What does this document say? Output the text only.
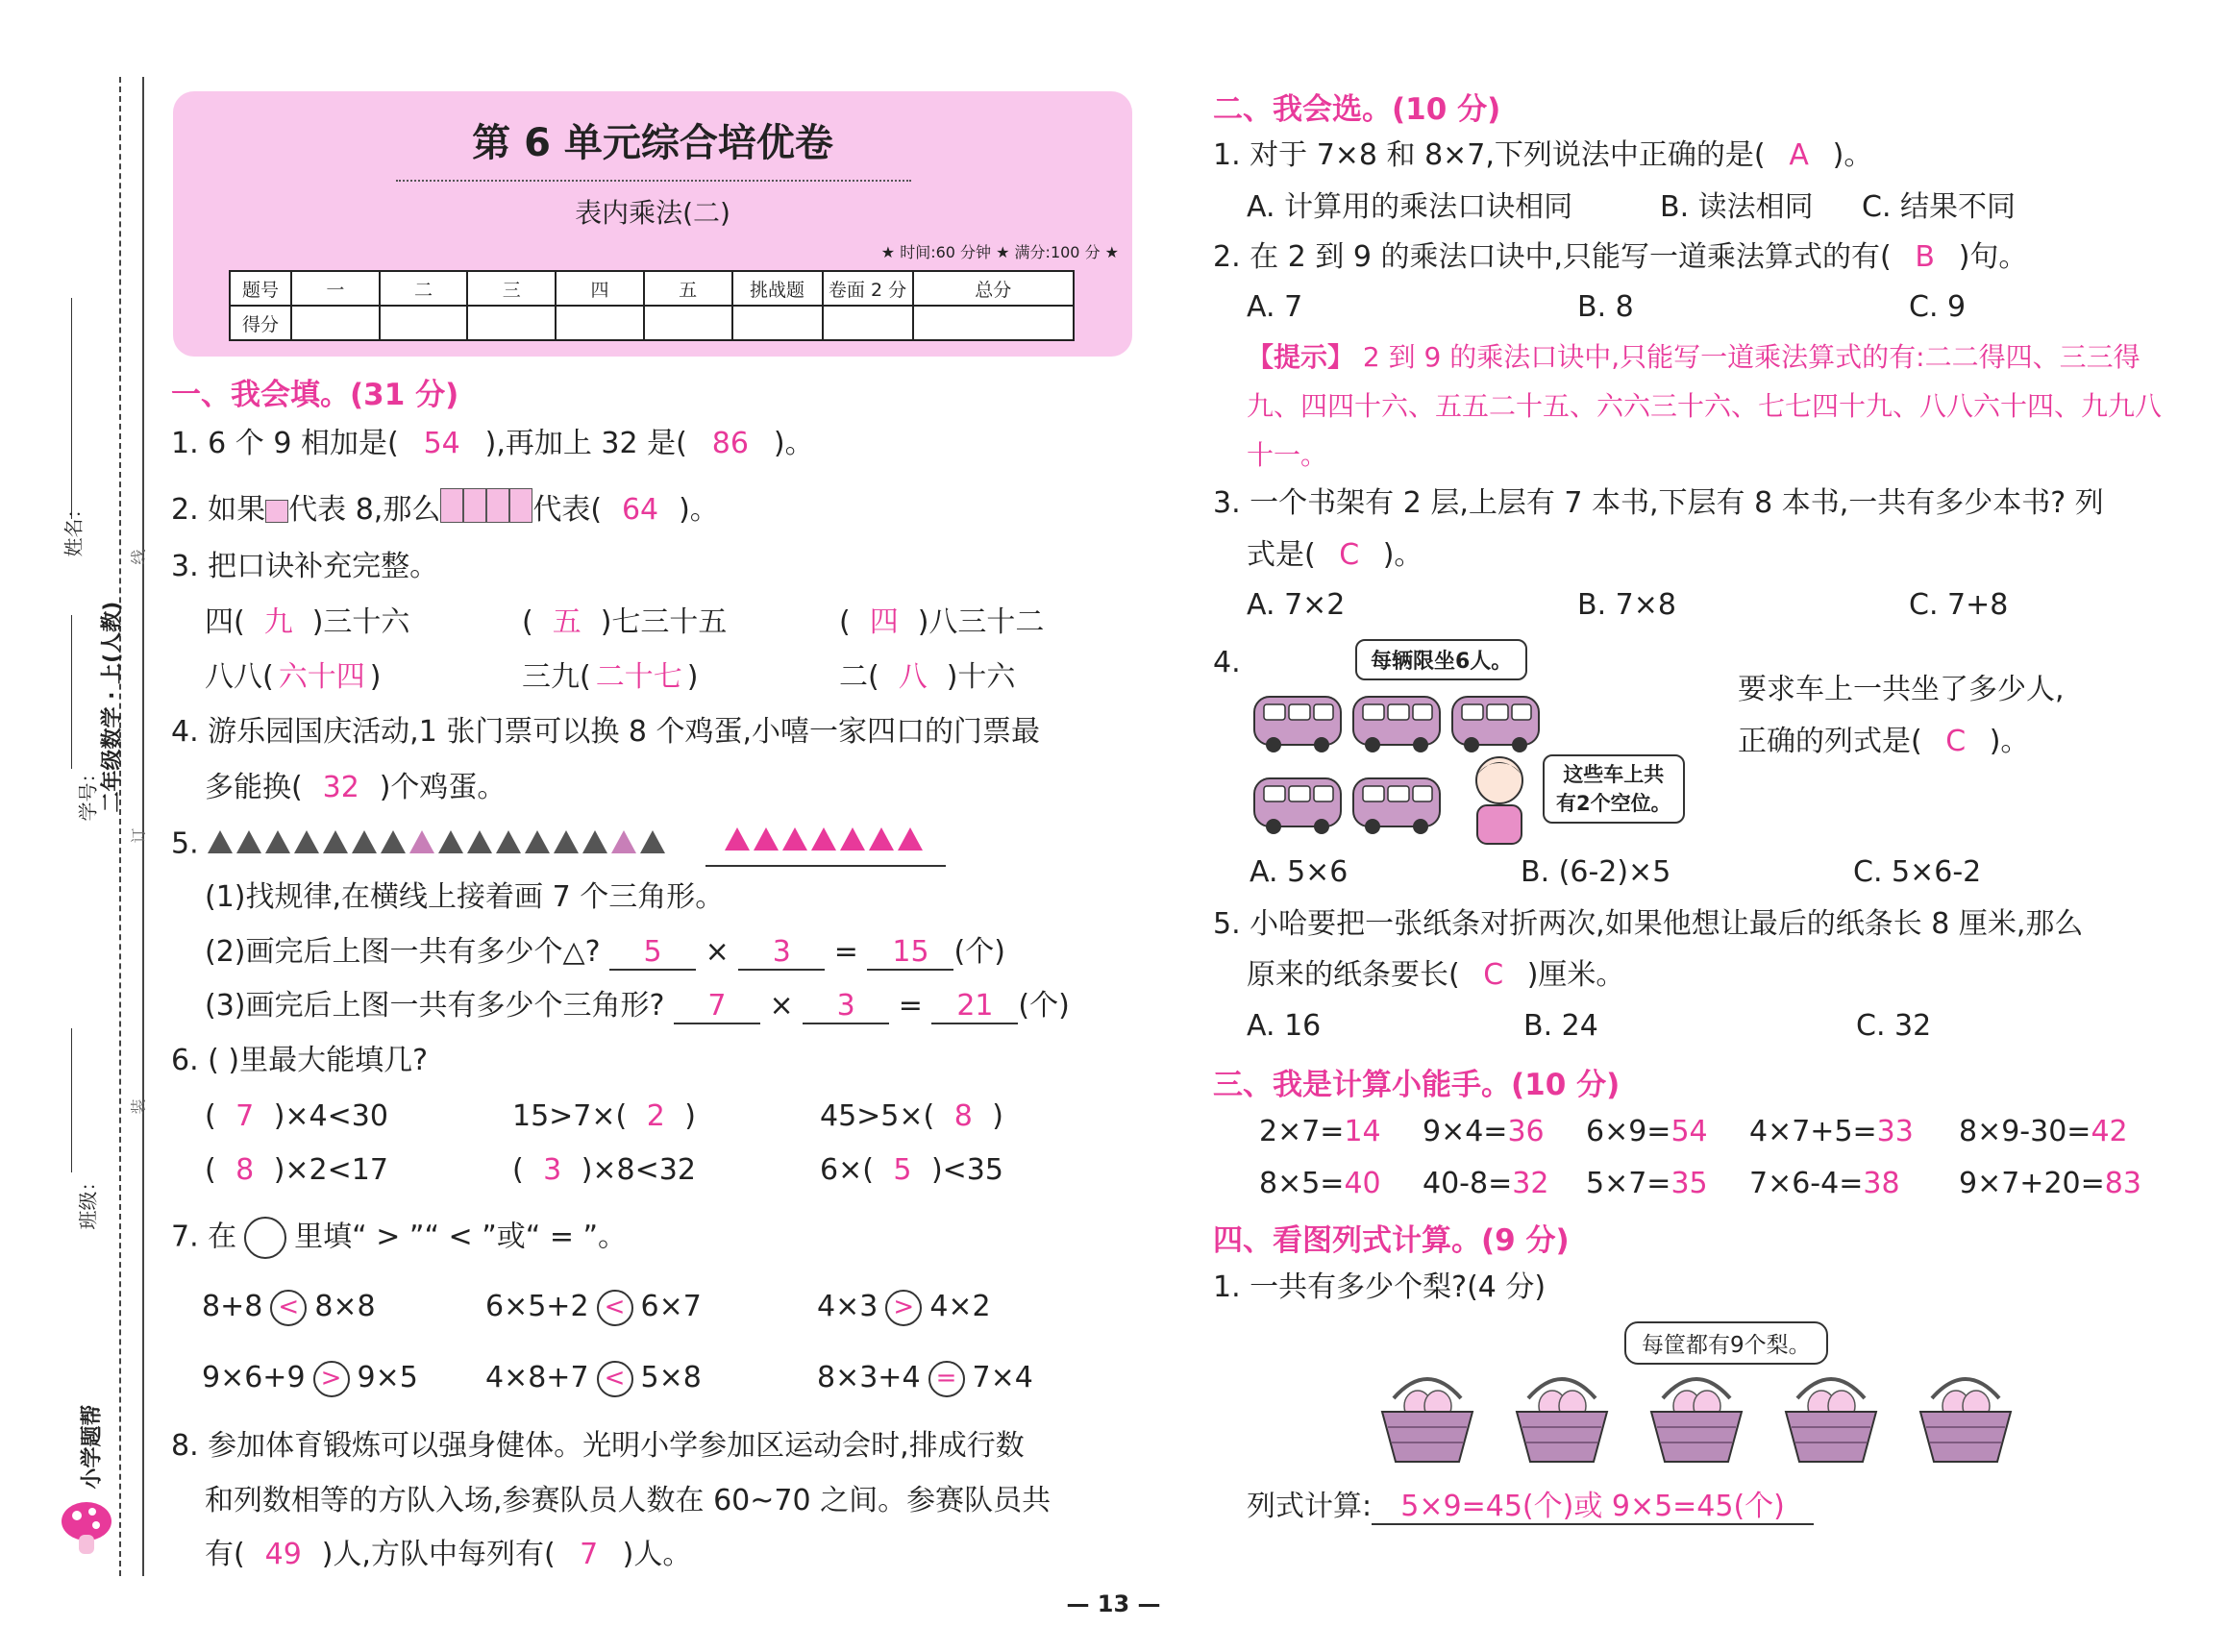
姓名：	线
学号： 二年级数学 · 上(人教)
订
班级：
装
小学题帮
第 6 单元综合培优卷
表内乘法(二)
★ 时间:60 分钟 ★ 满分:100 分 ★
题号	一	二	三	四	五	挑战题	卷面 2 分	总分
得分								
一、我会填。(31 分)
1. 6 个 9 相加是( 54 ),再加上 32 是( 86 )。
2. 如果 代表 8,那么	代表( 64 )。
3. 把口诀补充完整。
四( 九 )三十六	( 五 )七三十五	( 四 )八三十二
八八( 六十四 )	三九( 二十七 )	二( 八 )十六
4. 游乐园国庆活动,1 张门票可以换 8 个鸡蛋,小嘻一家四口的门票最
多能换( 32 )个鸡蛋。
5.
(1)找规律,在横线上接着画 7 个三角形。
(2)画完后上图一共有多少个△? 5 × 3 = 15 (个)
(3)画完后上图一共有多少个三角形? 7 × 3 = 21 (个)
6. ( )里最大能填几?
( 7 )×4<30	15>7×( 2 )	45>5×( 8 )
( 8 )×2<17	( 3 )×8<32	6×( 5 )<35
7. 在 里填“ > ”“ < ”或“ = ”。
8+8 < 8×8	6×5+2 < 6×7	4×3 > 4×2
9×6+9 > 9×5 4×8+7 < 5×8	8×3+4 = 7×4
8. 参加体育锻炼可以强身健体。光明小学参加区运动会时,排成行数
和列数相等的方队入场,参赛队员人数在 60~70 之间。参赛队员共
有( 49 )人,方队中每列有( 7 )人。
二、我会选。(10 分)
1. 对于 7×8 和 8×7,下列说法中正确的是( A )。
A. 计算用的乘法口诀相同	B. 读法相同 C. 结果不同
2. 在 2 到 9 的乘法口诀中,只能写一道乘法算式的有( B )句。
A. 7	B. 8	C. 9
【提示】 2 到 9 的乘法口诀中,只能写一道乘法算式的有:二二得四、三三得
九、四四十六、五五二十五、六六三十六、七七四十九、八八六十四、九九八
十一。
3. 一个书架有 2 层,上层有 7 本书,下层有 8 本书,一共有多少本书? 列
式是( C )。
A. 7×2	B. 7×8	C. 7+8
4.	每辆限坐6人。
这些车上共
有2个空位。
要求车上一共坐了多少人,
正确的列式是( C )。
A. 5×6	B. (6-2)×5	C. 5×6-2
5. 小哈要把一张纸条对折两次,如果他想让最后的纸条长 8 厘米,那么
原来的纸条要长( C )厘米。
A. 16	B. 24	C. 32
三、我是计算小能手。(10 分)
2×7=14 9×4=36 6×9=54 4×7+5=33 8×9-30=42
8×5=40 40-8=32 5×7=35 7×6-4=38 9×7+20=83
四、看图列式计算。(9 分)
1. 一共有多少个梨?(4 分)
每筐都有9个梨。
列式计算: 5×9=45(个)或 9×5=45(个)
— 13 —
